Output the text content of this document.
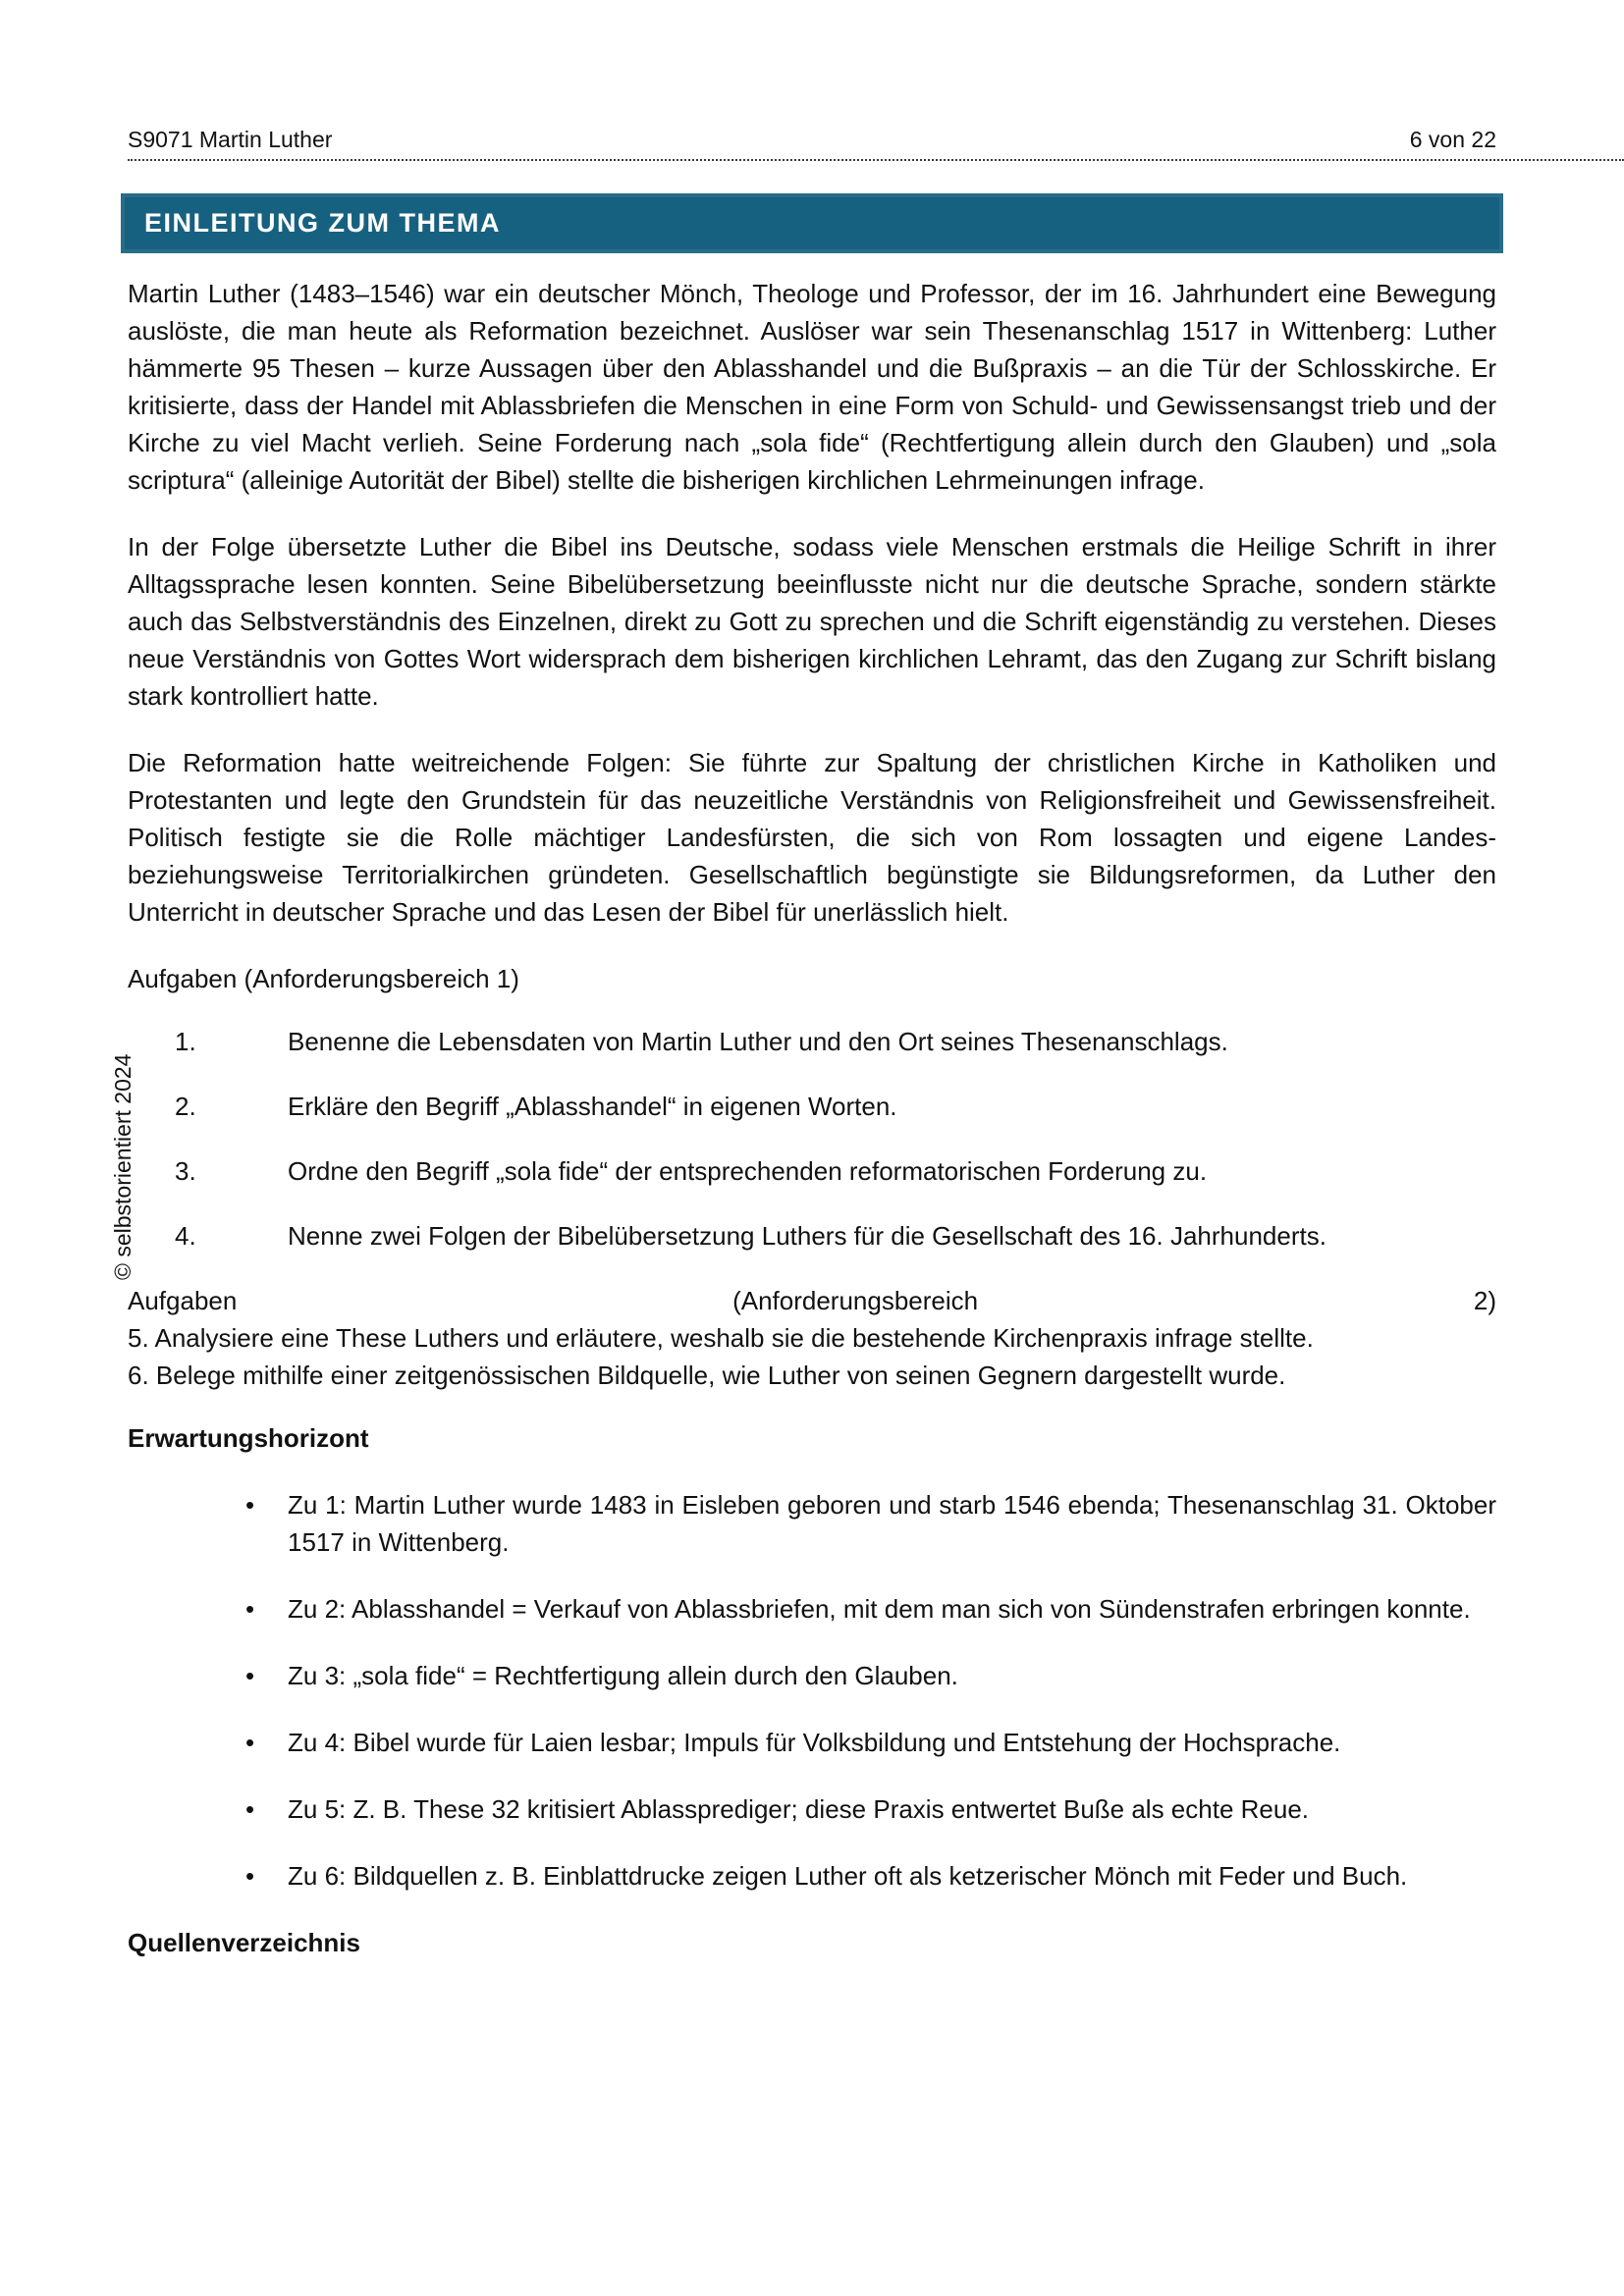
S9071 Martin Luther	6 von 22
© selbstorientiert 2024
EINLEITUNG ZUM THEMA

Martin Luther (1483–1546) war ein deutscher Mönch, Theologe und Professor, der im 16. Jahrhundert eine Bewegung auslöste, die man heute als Reformation bezeichnet. Auslöser war sein Thesenanschlag 1517 in Wittenberg: Luther hämmerte 95 Thesen – kurze Aussagen über den Ablasshandel und die Bußpraxis – an die Tür der Schlosskirche. Er kritisierte, dass der Handel mit Ablassbriefen die Menschen in eine Form von Schuld- und Gewissensangst trieb und der Kirche zu viel Macht verlieh. Seine Forderung nach „sola fide“ (Rechtfertigung allein durch den Glauben) und „sola scriptura“ (alleinige Autorität der Bibel) stellte die bisherigen kirchlichen Lehrmeinungen infrage.

In der Folge übersetzte Luther die Bibel ins Deutsche, sodass viele Menschen erstmals die Heilige Schrift in ihrer Alltagssprache lesen konnten. Seine Bibelübersetzung beeinflusste nicht nur die deutsche Sprache, sondern stärkte auch das Selbstverständnis des Einzelnen, direkt zu Gott zu sprechen und die Schrift eigenständig zu verstehen. Dieses neue Verständnis von Gottes Wort widersprach dem bisherigen kirchlichen Lehramt, das den Zugang zur Schrift bislang stark kontrolliert hatte.

Die Reformation hatte weitreichende Folgen: Sie führte zur Spaltung der christlichen Kirche in Katholiken und Protestanten und legte den Grundstein für das neuzeitliche Verständnis von Religionsfreiheit und Gewissensfreiheit. Politisch festigte sie die Rolle mächtiger Landesfürsten, die sich von Rom lossagten und eigene Landes- beziehungsweise Territorialkirchen gründeten. Gesellschaftlich begünstigte sie Bildungsreformen, da Luther den Unterricht in deutscher Sprache und das Lesen der Bibel für unerlässlich hielt.

Aufgaben (Anforderungsbereich 1)

1.	Benenne die Lebensdaten von Martin Luther und den Ort seines Thesenanschlags.
2.	Erkläre den Begriff „Ablasshandel“ in eigenen Worten.
3.	Ordne den Begriff „sola fide“ der entsprechenden reformatorischen Forderung zu.
4.	Nenne zwei Folgen der Bibelübersetzung Luthers für die Gesellschaft des 16. Jahrhunderts.
Aufgaben	(Anforderungsbereich	2)
5. Analysiere eine These Luthers und erläutere, weshalb sie die bestehende Kirchenpraxis infrage stellte.
6. Belege mithilfe einer zeitgenössischen Bildquelle, wie Luther von seinen Gegnern dargestellt wurde.

Erwartungshorizont

• Zu 1: Martin Luther wurde 1483 in Eisleben geboren und starb 1546 ebenda; Thesenanschlag 31. Oktober 1517 in Wittenberg.
• Zu 2: Ablasshandel = Verkauf von Ablassbriefen, mit dem man sich von Sündenstrafen erbringen konnte.
• Zu 3: „sola fide“ = Rechtfertigung allein durch den Glauben.
• Zu 4: Bibel wurde für Laien lesbar; Impuls für Volksbildung und Entstehung der Hochsprache.
• Zu 5: Z. B. These 32 kritisiert Ablassprediger; diese Praxis entwertet Buße als echte Reue.
• Zu 6: Bildquellen z. B. Einblattdrucke zeigen Luther oft als ketzerischer Mönch mit Feder und Buch.

Quellenverzeichnis
